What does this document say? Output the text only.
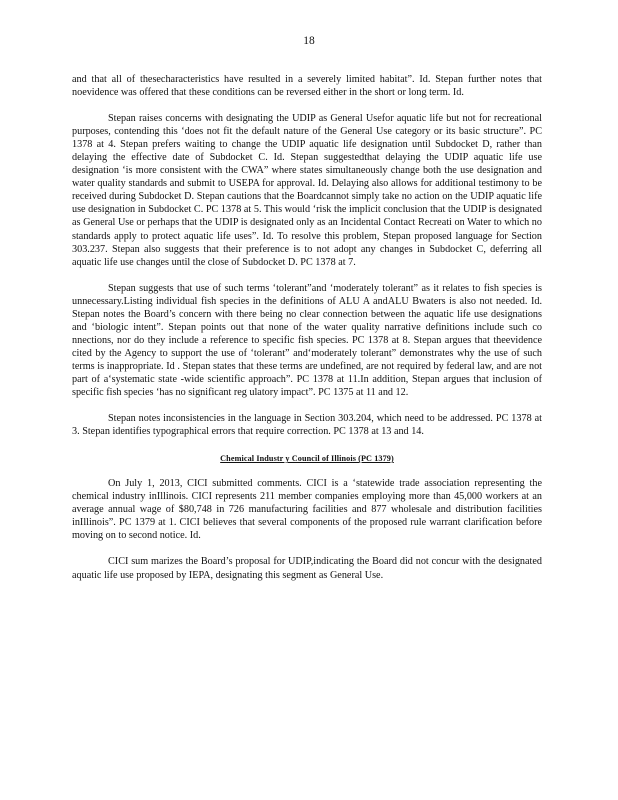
18

and that all of thesecharacteristics have resulted in a severely limited habitat”. Id. Stepan further notes that noevidence was offered that these conditions can be reversed either in the short or long term. Id.

Stepan raises concerns with designating the UDIP as General Usefor aquatic life but not for recreational purposes, contending this ‘does not fit the default nature of the General Use category or its basic structure”. PC 1378 at 4. Stepan prefers waiting to change the UDIP aquatic life designation until Subdocket D, rather than delaying the effective date of Subdocket C. Id. Stepan suggestedthat delaying the UDIP aquatic life use designation ‘is more consistent with the CWA” where states simultaneously change both the use designation and water quality standards and submit to USEPA for approval. Id. Delaying also allows for additional testimony to be received during Subdocket D. Stepan cautions that the Boardcannot simply take no action on the UDIP aquatic life use designation in Subdocket C. PC 1378 at 5. This would ‘risk the implicit conclusion that the UDIP is designated as General Use or perhaps that the UDIP is designated only as an Incidental Contact Recreati on Water to which no standards apply to protect aquatic life uses”. Id. To resolve this problem, Stepan proposed language for Section 303.237. Stepan also suggests that their preference is to not adopt any changes in Subdocket C, deferring all aquatic life use changes until the close of Subdocket D. PC 1378 at 7.

Stepan suggests that use of such terms ‘tolerant”and ‘moderately tolerant” as it relates to fish species is unnecessary.Listing individual fish species in the definitions of ALU A andALU Bwaters is also not needed. Id. Stepan notes the Board’s concern with there being no clear connection between the aquatic life use designations and ‘biologic intent”. Stepan points out that none of the water quality narrative definitions include such co nnections, nor do they include a reference to specific fish species. PC 1378 at 8. Stepan argues that theevidence cited by the Agency to support the use of ‘tolerant” and‘moderately tolerant” demonstrates why the use of such terms is inappropriate. Id . Stepan states that these terms are undefined, are not required by federal law, and are not part of a‘systematic state -wide scientific approach”. PC 1378 at 11.In addition, Stepan argues that inclusion of specific fish species ‘has no significant reg ulatory impact”. PC 1375 at 11 and 12.

Stepan notes inconsistencies in the language in Section 303.204, which need to be addressed. PC 1378 at 3. Stepan identifies typographical errors that require correction. PC 1378 at 13 and 14.

Chemical Industr y Council of Illinois (PC 1379)

On July 1, 2013, CICI submitted comments. CICI is a ‘statewide trade association representing the chemical industry inIllinois. CICI represents 211 member companies employing more than 45,000 workers at an average annual wage of $80,748 in 726 manufacturing facilities and 877 wholesale and distribution facilities inIllinois”. PC 1379 at 1. CICI believes that several components of the proposed rule warrant clarification before moving on to second notice. Id.

CICI sum marizes the Board’s proposal for UDIP,indicating the Board did not concur with the designated aquatic life use proposed by IEPA, designating this segment as General Use.
